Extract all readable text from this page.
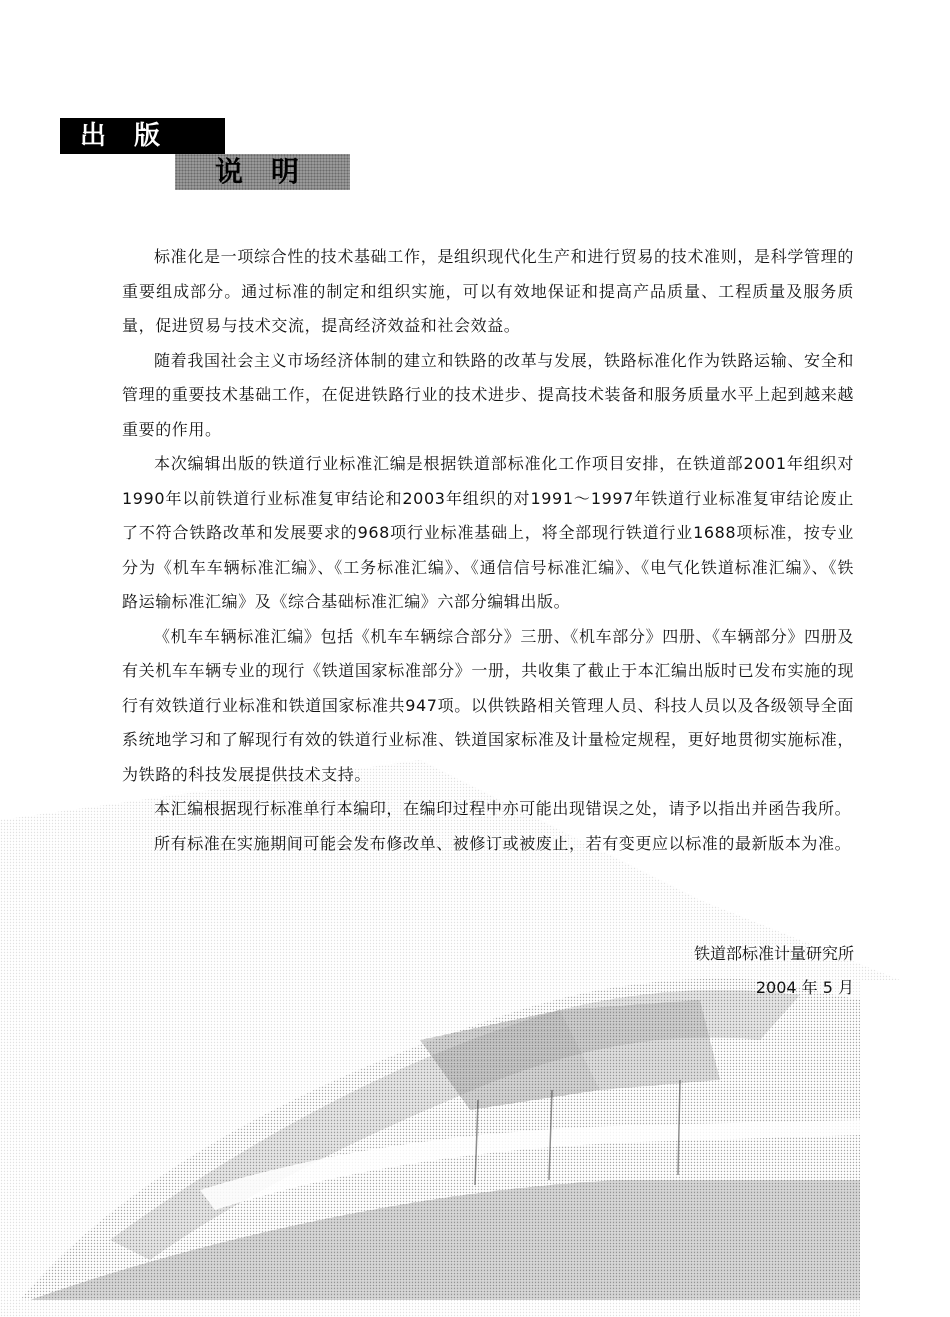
出版
说明

标准化是一项综合性的技术基础工作，是组织现代化生产和进行贸易的技术准则，是科学管理的重要组成部分。通过标准的制定和组织实施，可以有效地保证和提高产品质量、工程质量及服务质量，促进贸易与技术交流，提高经济效益和社会效益。

随着我国社会主义市场经济体制的建立和铁路的改革与发展，铁路标准化作为铁路运输、安全和管理的重要技术基础工作，在促进铁路行业的技术进步、提高技术装备和服务质量水平上起到越来越重要的作用。

本次编辑出版的铁道行业标准汇编是根据铁道部标准化工作项目安排，在铁道部2001年组织对1990年以前铁道行业标准复审结论和2003年组织的对1991～1997年铁道行业标准复审结论废止了不符合铁路改革和发展要求的968项行业标准基础上，将全部现行铁道行业1688项标准，按专业分为《机车车辆标准汇编》、《工务标准汇编》、《通信信号标准汇编》、《电气化铁道标准汇编》、《铁路运输标准汇编》及《综合基础标准汇编》六部分编辑出版。

《机车车辆标准汇编》包括《机车车辆综合部分》三册、《机车部分》四册、《车辆部分》四册及有关机车车辆专业的现行《铁道国家标准部分》一册，共收集了截止于本汇编出版时已发布实施的现行有效铁道行业标准和铁道国家标准共947项。以供铁路相关管理人员、科技人员以及各级领导全面系统地学习和了解现行有效的铁道行业标准、铁道国家标准及计量检定规程，更好地贯彻实施标准，为铁路的科技发展提供技术支持。

本汇编根据现行标准单行本编印，在编印过程中亦可能出现错误之处，请予以指出并函告我所。

所有标准在实施期间可能会发布修改单、被修订或被废止，若有变更应以标准的最新版本为准。

铁道部标准计量研究所
2004 年 5 月
